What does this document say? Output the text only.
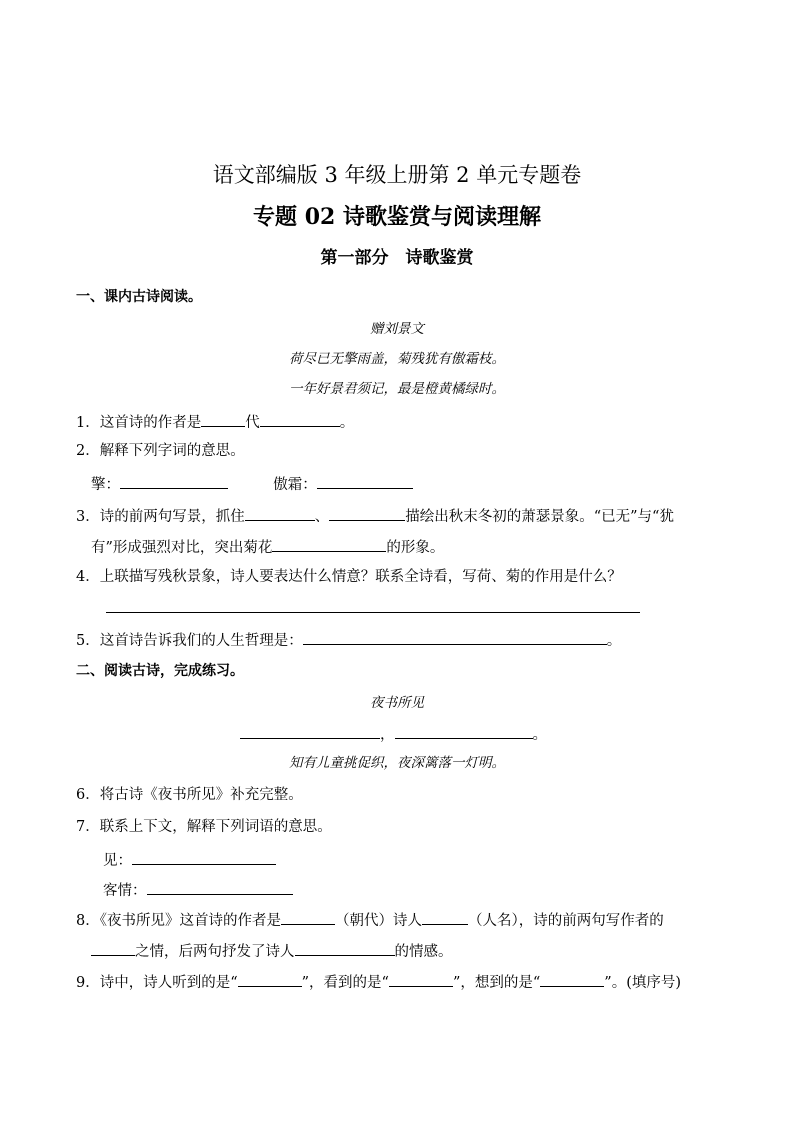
语文部编版 3 年级上册第 2 单元专题卷
专题 02 诗歌鉴赏与阅读理解
第一部分　诗歌鉴赏
一、课内古诗阅读。
赠刘景文
荷尽已无擎雨盖，菊残犹有傲霜枝。
一年好景君须记，最是橙黄橘绿时。
1．这首诗的作者是	代	。
2．解释下列字词的意思。
擎：	傲霜：
3．诗的前两句写景，抓住	、	描绘出秋末冬初的萧瑟景象。“已无”与“犹
有”形成强烈对比，突出菊花	的形象。
4．上联描写残秋景象，诗人要表达什么情意？联系全诗看，写荷、菊的作用是什么？
5．这首诗告诉我们的人生哲理是：	。
二、阅读古诗，完成练习。
夜书所见
，	。
知有儿童挑促织，夜深篱落一灯明。
6．将古诗《夜书所见》补充完整。
7．联系上下文，解释下列词语的意思。
见：
客情：
8．《夜书所见》这首诗的作者是	（朝代）诗人	（人名），诗的前两句写作者的
之情，后两句抒发了诗人	的情感。
9．诗中，诗人听到的是“	”，看到的是“	”，想到的是“	”。(填序号)
